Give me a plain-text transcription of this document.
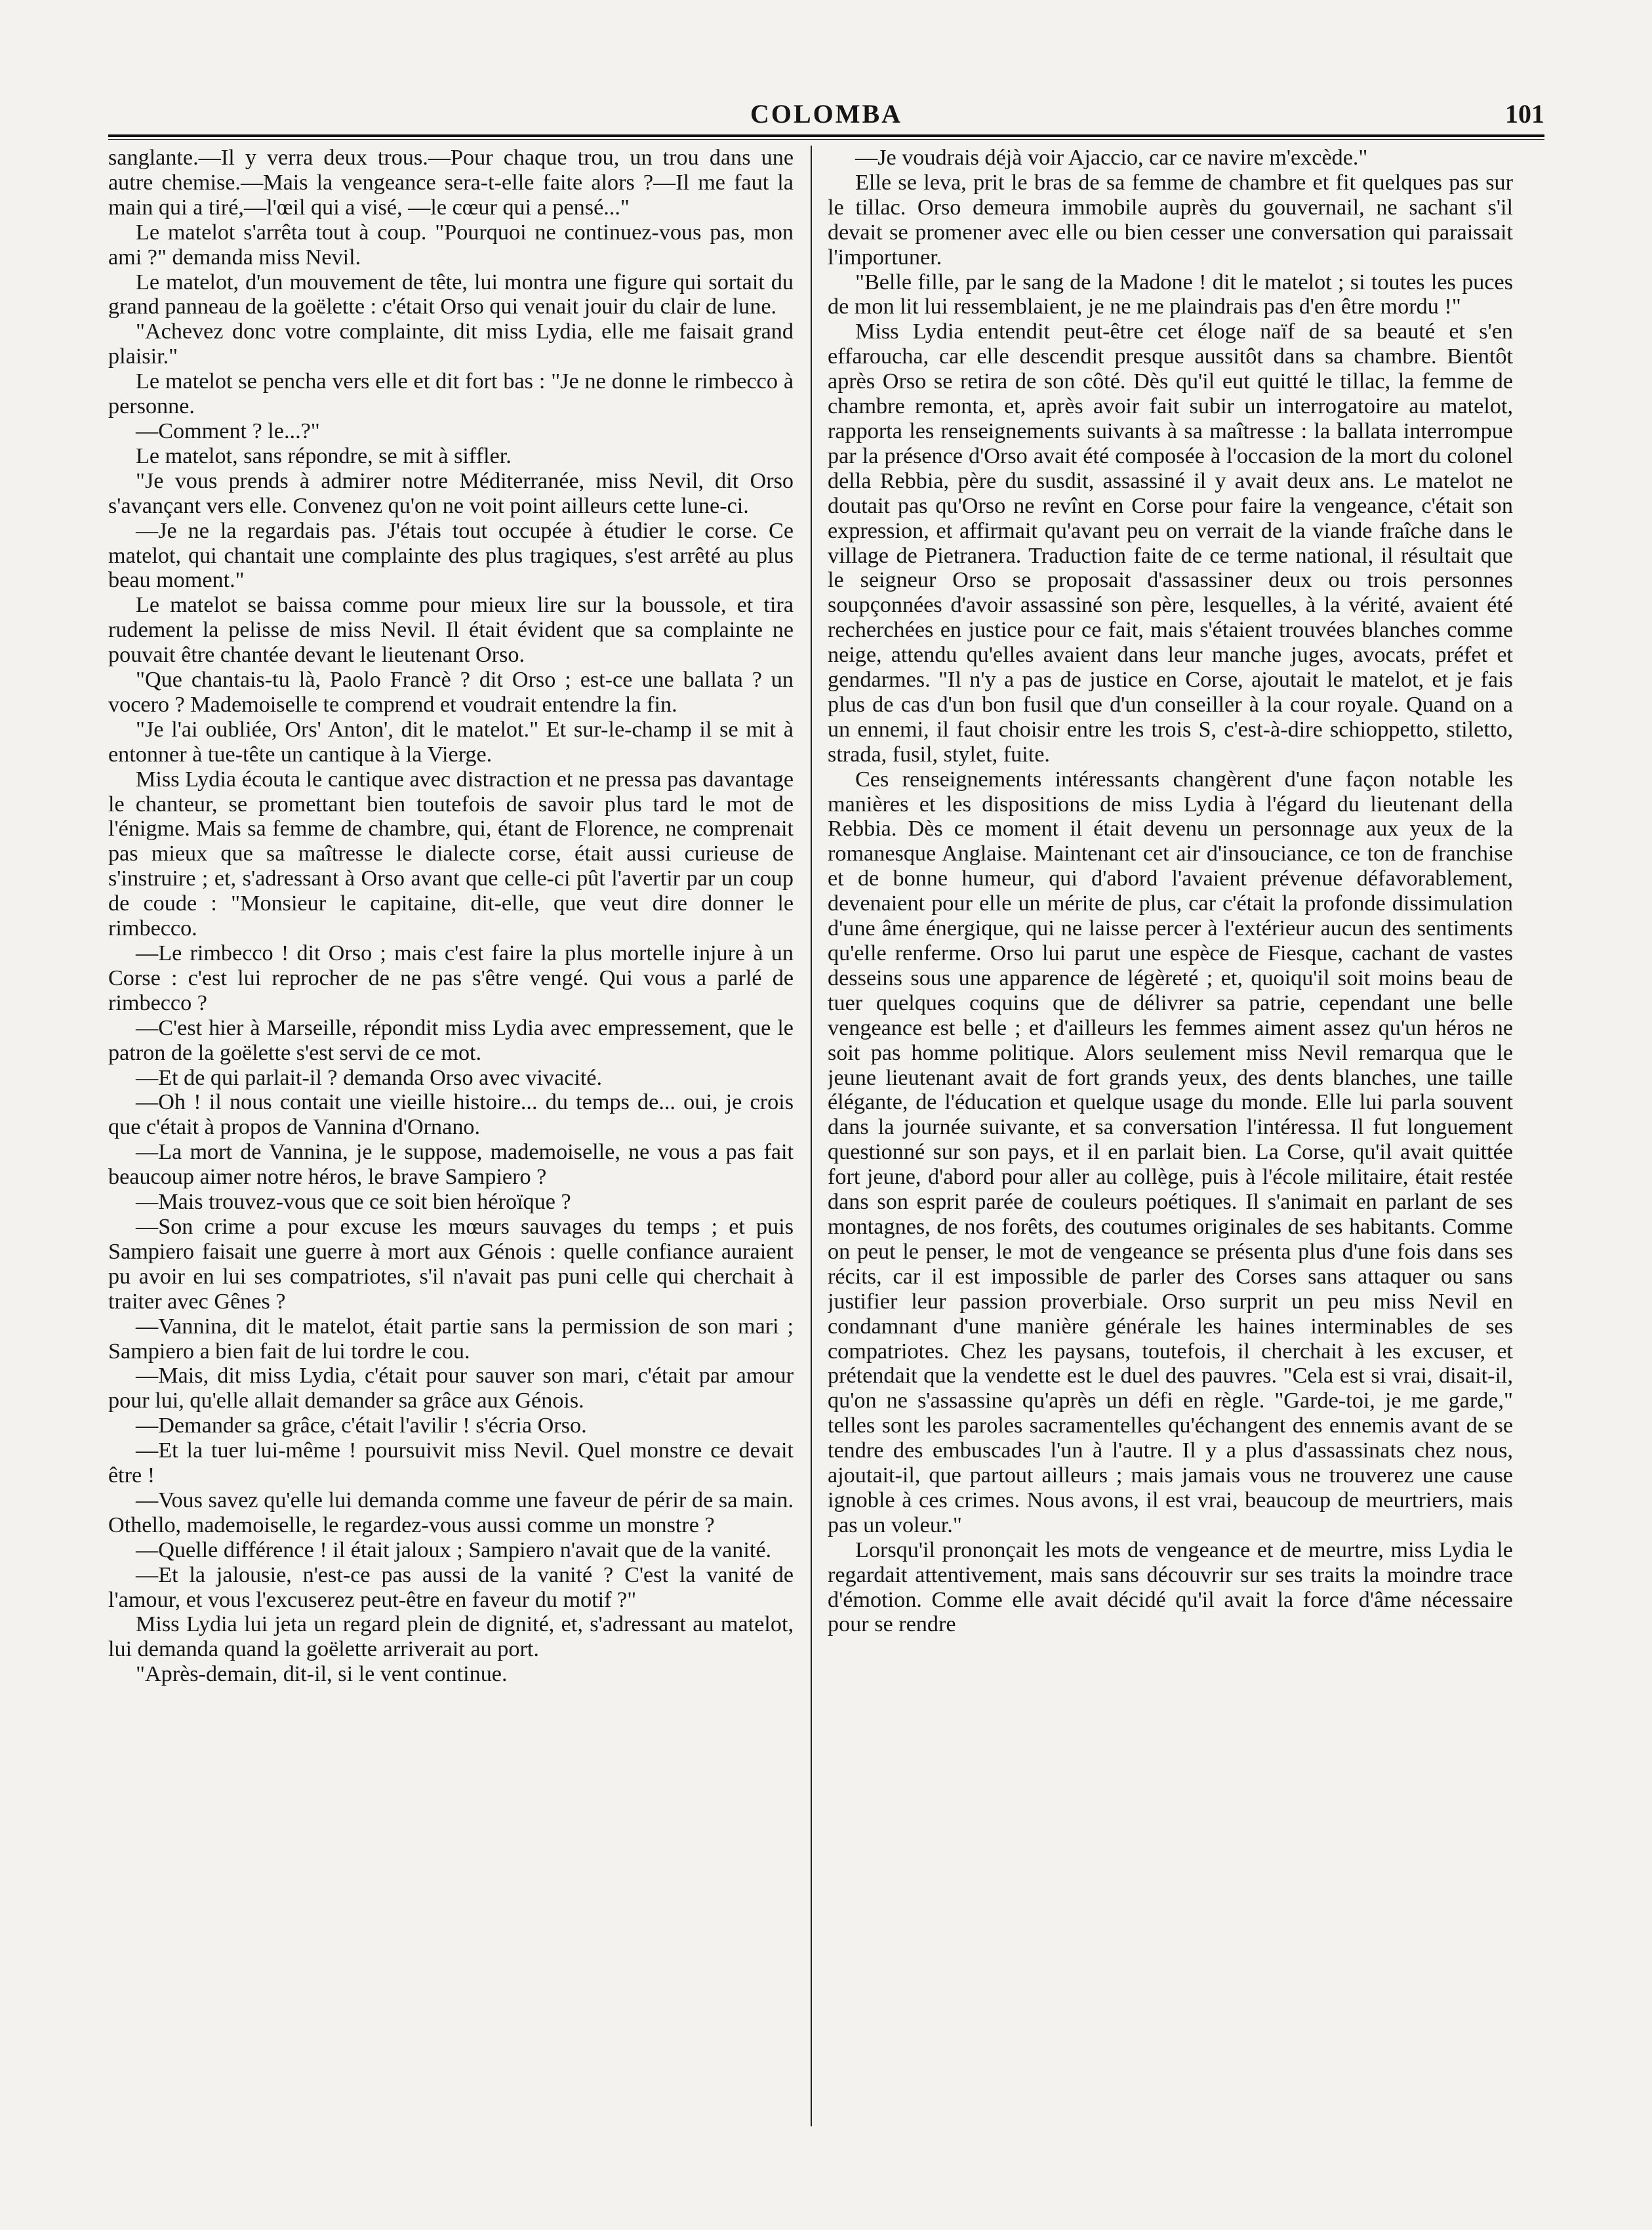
COLOMBA	101

sanglante.—Il y verra deux trous.—Pour chaque trou, un trou dans une autre chemise.—Mais la vengeance sera-t-elle faite alors ?—Il me faut la main qui a tiré,—l'œil qui a visé, —le cœur qui a pensé..."

Le matelot s'arrêta tout à coup. "Pourquoi ne continuez-vous pas, mon ami ?" demanda miss Nevil.

Le matelot, d'un mouvement de tête, lui montra une figure qui sortait du grand panneau de la goëlette : c'était Orso qui venait jouir du clair de lune.

"Achevez donc votre complainte, dit miss Lydia, elle me faisait grand plaisir."

Le matelot se pencha vers elle et dit fort bas : "Je ne donne le rimbecco à personne.

—Comment ? le...?"

Le matelot, sans répondre, se mit à siffler.

"Je vous prends à admirer notre Méditerranée, miss Nevil, dit Orso s'avançant vers elle. Convenez qu'on ne voit point ailleurs cette lune-ci.

—Je ne la regardais pas. J'étais tout occupée à étudier le corse. Ce matelot, qui chantait une complainte des plus tragiques, s'est arrêté au plus beau moment."

Le matelot se baissa comme pour mieux lire sur la boussole, et tira rudement la pelisse de miss Nevil. Il était évident que sa complainte ne pouvait être chantée devant le lieutenant Orso.

"Que chantais-tu là, Paolo Francè ? dit Orso ; est-ce une ballata ? un vocero ? Mademoiselle te comprend et voudrait entendre la fin.

"Je l'ai oubliée, Ors' Anton', dit le matelot." Et sur-le-champ il se mit à entonner à tue-tête un cantique à la Vierge.

Miss Lydia écouta le cantique avec distraction et ne pressa pas davantage le chanteur, se promettant bien toutefois de savoir plus tard le mot de l'énigme. Mais sa femme de chambre, qui, étant de Florence, ne comprenait pas mieux que sa maîtresse le dialecte corse, était aussi curieuse de s'instruire ; et, s'adressant à Orso avant que celle-ci pût l'avertir par un coup de coude : "Monsieur le capitaine, dit-elle, que veut dire donner le rimbecco.

—Le rimbecco ! dit Orso ; mais c'est faire la plus mortelle injure à un Corse : c'est lui reprocher de ne pas s'être vengé. Qui vous a parlé de rimbecco ?

—C'est hier à Marseille, répondit miss Lydia avec empressement, que le patron de la goëlette s'est servi de ce mot.

—Et de qui parlait-il ? demanda Orso avec vivacité.

—Oh ! il nous contait une vieille histoire... du temps de... oui, je crois que c'était à propos de Vannina d'Ornano.

—La mort de Vannina, je le suppose, mademoiselle, ne vous a pas fait beaucoup aimer notre héros, le brave Sampiero ?

—Mais trouvez-vous que ce soit bien héroïque ?

—Son crime a pour excuse les mœurs sauvages du temps ; et puis Sampiero faisait une guerre à mort aux Génois : quelle confiance auraient pu avoir en lui ses compatriotes, s'il n'avait pas puni celle qui cherchait à traiter avec Gênes ?

—Vannina, dit le matelot, était partie sans la permission de son mari ; Sampiero a bien fait de lui tordre le cou.

—Mais, dit miss Lydia, c'était pour sauver son mari, c'était par amour pour lui, qu'elle allait demander sa grâce aux Génois.

—Demander sa grâce, c'était l'avilir ! s'écria Orso.

—Et la tuer lui-même ! poursuivit miss Nevil. Quel monstre ce devait être !

—Vous savez qu'elle lui demanda comme une faveur de périr de sa main. Othello, mademoiselle, le regardez-vous aussi comme un monstre ?

—Quelle différence ! il était jaloux ; Sampiero n'avait que de la vanité.

—Et la jalousie, n'est-ce pas aussi de la vanité ? C'est la vanité de l'amour, et vous l'excuserez peut-être en faveur du motif ?"

Miss Lydia lui jeta un regard plein de dignité, et, s'adressant au matelot, lui demanda quand la goëlette arriverait au port.

"Après-demain, dit-il, si le vent continue.

—Je voudrais déjà voir Ajaccio, car ce navire m'excède."

Elle se leva, prit le bras de sa femme de chambre et fit quelques pas sur le tillac. Orso demeura immobile auprès du gouvernail, ne sachant s'il devait se promener avec elle ou bien cesser une conversation qui paraissait l'importuner.

"Belle fille, par le sang de la Madone ! dit le matelot ; si toutes les puces de mon lit lui ressemblaient, je ne me plaindrais pas d'en être mordu !"

Miss Lydia entendit peut-être cet éloge naïf de sa beauté et s'en effaroucha, car elle descendit presque aussitôt dans sa chambre. Bientôt après Orso se retira de son côté. Dès qu'il eut quitté le tillac, la femme de chambre remonta, et, après avoir fait subir un interrogatoire au matelot, rapporta les renseignements suivants à sa maîtresse : la ballata interrompue par la présence d'Orso avait été composée à l'occasion de la mort du colonel della Rebbia, père du susdit, assassiné il y avait deux ans. Le matelot ne doutait pas qu'Orso ne revînt en Corse pour faire la vengeance, c'était son expression, et affirmait qu'avant peu on verrait de la viande fraîche dans le village de Pietranera. Traduction faite de ce terme national, il résultait que le seigneur Orso se proposait d'assassiner deux ou trois personnes soupçonnées d'avoir assassiné son père, lesquelles, à la vérité, avaient été recherchées en justice pour ce fait, mais s'étaient trouvées blanches comme neige, attendu qu'elles avaient dans leur manche juges, avocats, préfet et gendarmes. "Il n'y a pas de justice en Corse, ajoutait le matelot, et je fais plus de cas d'un bon fusil que d'un conseiller à la cour royale. Quand on a un ennemi, il faut choisir entre les trois S, c'est-à-dire schioppetto, stiletto, strada, fusil, stylet, fuite.

Ces renseignements intéressants changèrent d'une façon notable les manières et les dispositions de miss Lydia à l'égard du lieutenant della Rebbia. Dès ce moment il était devenu un personnage aux yeux de la romanesque Anglaise. Maintenant cet air d'insouciance, ce ton de franchise et de bonne humeur, qui d'abord l'avaient prévenue défavorablement, devenaient pour elle un mérite de plus, car c'était la profonde dissimulation d'une âme énergique, qui ne laisse percer à l'extérieur aucun des sentiments qu'elle renferme. Orso lui parut une espèce de Fiesque, cachant de vastes desseins sous une apparence de légèreté ; et, quoiqu'il soit moins beau de tuer quelques coquins que de délivrer sa patrie, cependant une belle vengeance est belle ; et d'ailleurs les femmes aiment assez qu'un héros ne soit pas homme politique. Alors seulement miss Nevil remarqua que le jeune lieutenant avait de fort grands yeux, des dents blanches, une taille élégante, de l'éducation et quelque usage du monde. Elle lui parla souvent dans la journée suivante, et sa conversation l'intéressa. Il fut longuement questionné sur son pays, et il en parlait bien. La Corse, qu'il avait quittée fort jeune, d'abord pour aller au collège, puis à l'école militaire, était restée dans son esprit parée de couleurs poétiques. Il s'animait en parlant de ses montagnes, de nos forêts, des coutumes originales de ses habitants. Comme on peut le penser, le mot de vengeance se présenta plus d'une fois dans ses récits, car il est impossible de parler des Corses sans attaquer ou sans justifier leur passion proverbiale. Orso surprit un peu miss Nevil en condamnant d'une manière générale les haines interminables de ses compatriotes. Chez les paysans, toutefois, il cherchait à les excuser, et prétendait que la vendette est le duel des pauvres. "Cela est si vrai, disait-il, qu'on ne s'assassine qu'après un défi en règle. "Garde-toi, je me garde," telles sont les paroles sacramentelles qu'échangent des ennemis avant de se tendre des embuscades l'un à l'autre. Il y a plus d'assassinats chez nous, ajoutait-il, que partout ailleurs ; mais jamais vous ne trouverez une cause ignoble à ces crimes. Nous avons, il est vrai, beaucoup de meurtriers, mais pas un voleur."

Lorsqu'il prononçait les mots de vengeance et de meurtre, miss Lydia le regardait attentivement, mais sans découvrir sur ses traits la moindre trace d'émotion. Comme elle avait décidé qu'il avait la force d'âme nécessaire pour se rendre
